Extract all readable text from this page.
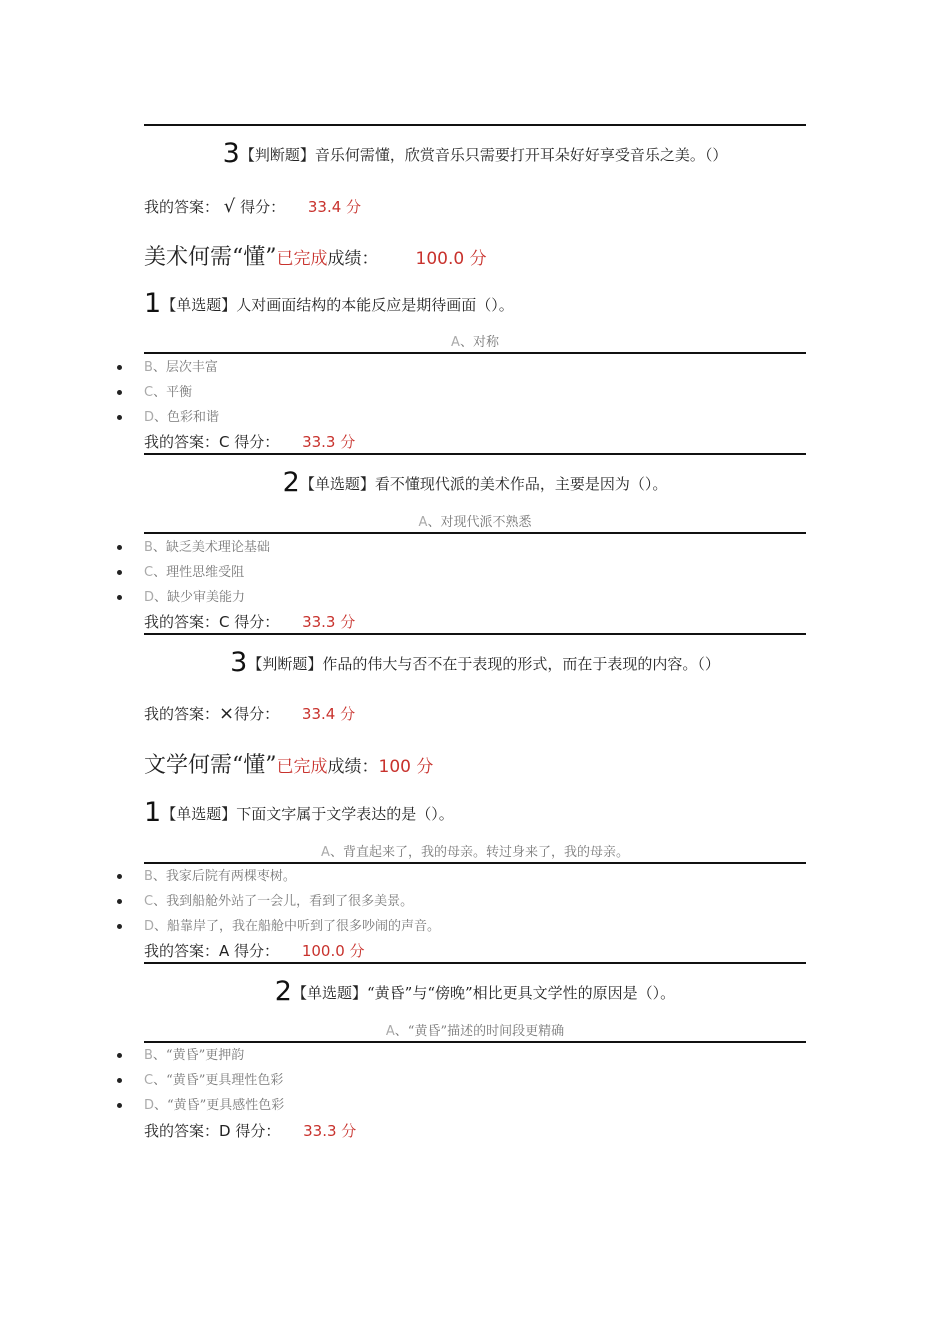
3【判断题】音乐何需懂，欣赏音乐只需要打开耳朵好好享受音乐之美。（）
我的答案： √ 得分： 33.4 分
美术何需“懂”已完成成绩： 100.0 分
1【单选题】人对画面结构的本能反应是期待画面（）。
A、对称
B、层次丰富
C、平衡
D、色彩和谐
我的答案：C 得分： 33.3 分
2【单选题】看不懂现代派的美术作品，主要是因为（）。
A、对现代派不熟悉
B、缺乏美术理论基础
C、理性思维受阻
D、缺少审美能力
我的答案：C 得分： 33.3 分
3【判断题】作品的伟大与否不在于表现的形式，而在于表现的内容。（）
我的答案：×得分： 33.4 分
文学何需“懂”已完成成绩：100 分
1【单选题】下面文字属于文学表达的是（）。
A、背直起来了，我的母亲。转过身来了，我的母亲。
B、我家后院有两棵枣树。
C、我到船舱外站了一会儿，看到了很多美景。
D、船靠岸了，我在船舱中听到了很多吵闹的声音。
我的答案：A 得分： 100.0 分
2【单选题】“黄昏”与“傍晚”相比更具文学性的原因是（）。
A、“黄昏”描述的时间段更精确
B、“黄昏”更押韵
C、“黄昏”更具理性色彩
D、“黄昏”更具感性色彩
我的答案：D 得分： 33.3 分
